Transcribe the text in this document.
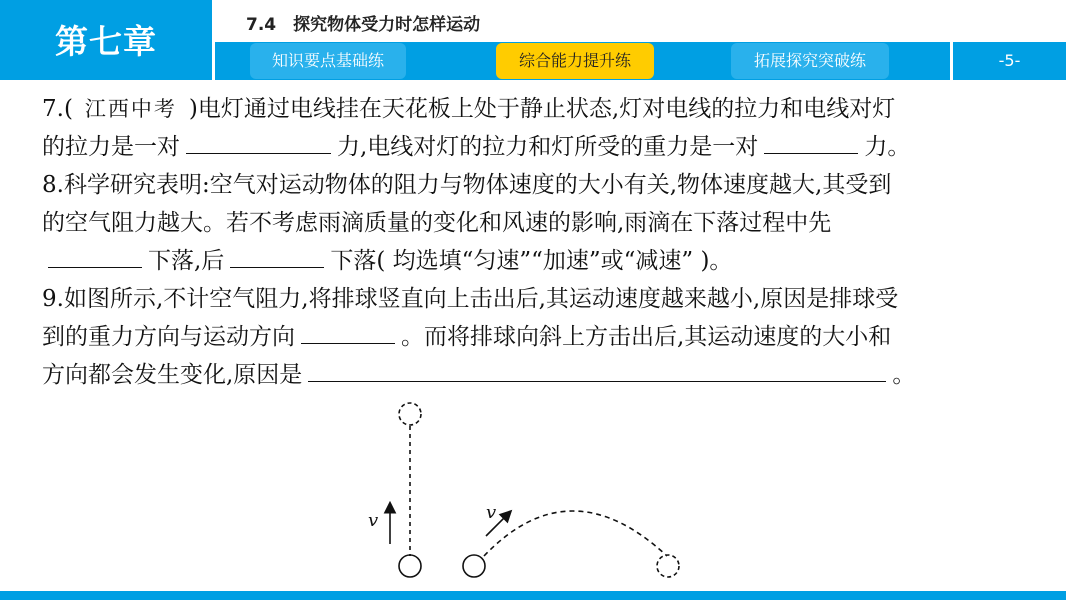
第七章	7.4　探究物体受力时怎样运动
知识要点基础练	综合能力提升练	拓展探究突破练	-5-
7.( 江西中考 )电灯通过电线挂在天花板上处于静止状态,灯对电线的拉力和电线对灯
的拉力是一对	力,电线对灯的拉力和灯所受的重力是一对	力。
8.科学研究表明:空气对运动物体的阻力与物体速度的大小有关,物体速度越大,其受到
的空气阻力越大。若不考虑雨滴质量的变化和风速的影响,雨滴在下落过程中先
下落,后	下落( 均选填“匀速”“加速”或“减速” )。
9.如图所示,不计空气阻力,将排球竖直向上击出后,其运动速度越来越小,原因是排球受
到的重力方向与运动方向	。而将排球向斜上方击出后,其运动速度的大小和
方向都会发生变化,原因是	。
v	v
